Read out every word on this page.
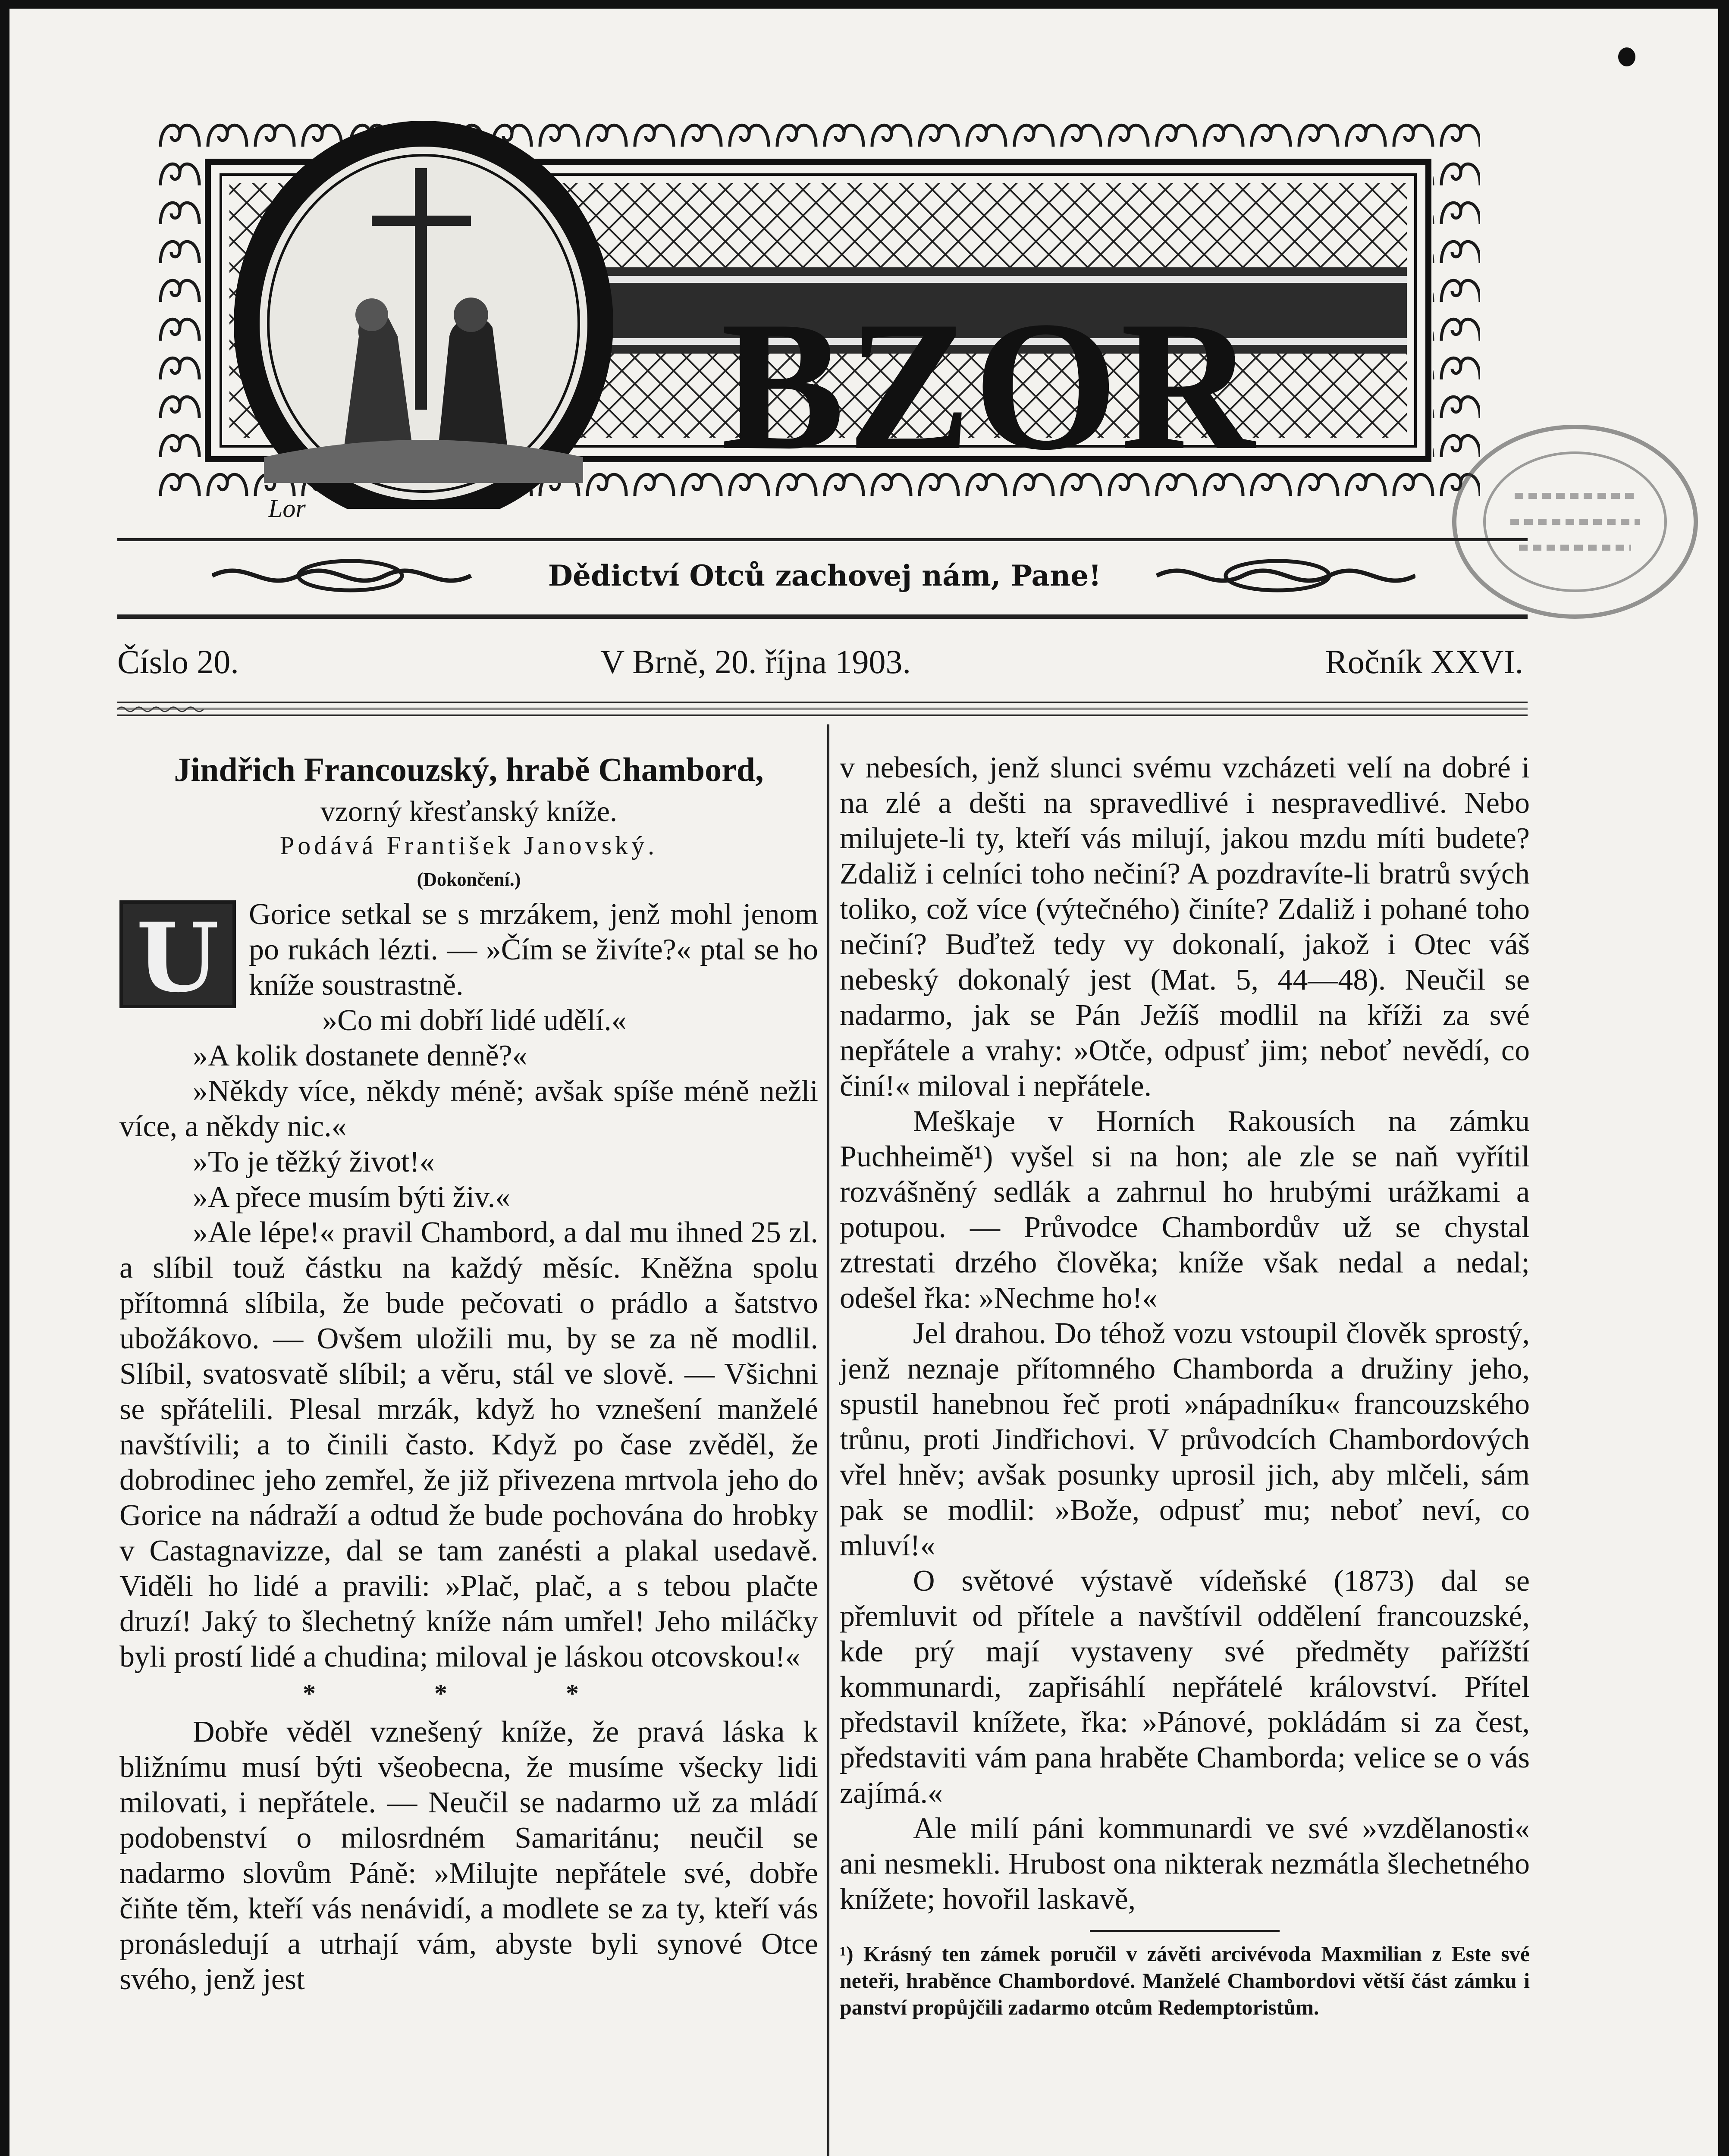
BZOR
Lor
Dědictví Otců zachovej nám, Pane!
Číslo 20.	V Brně, 20. října 1903.	Ročník XXVI.
Jindřich Francouzský, hrabě Chambord,
vzorný křesťanský kníže.
Podává František Janovský.
(Dokončení.)
U Gorice setkal se s mrzákem, jenž mohl jenom po rukách lézti. — »Čím se živíte?« ptal se ho kníže soustrastně.

»Co mi dobří lidé udělí.«

»A kolik dostanete denně?«

»Někdy více, někdy méně; avšak spíše méně nežli více, a někdy nic.«

»To je těžký život!«

»A přece musím býti živ.«

»Ale lépe!« pravil Chambord, a dal mu ihned 25 zl. a slíbil touž částku na každý měsíc. Kněžna spolu přítomná slíbila, že bude pečovati o prádlo a šatstvo ubožákovo. — Ovšem uložili mu, by se za ně modlil. Slíbil, svatosvatě slíbil; a věru, stál ve slově. — Všichni se spřátelili. Plesal mrzák, když ho vznešení manželé navštívili; a to činili často. Když po čase zvěděl, že dobrodinec jeho zemřel, že již přivezena mrtvola jeho do Gorice na nádraží a odtud že bude pochována do hrobky v Castagnavizze, dal se tam zanésti a plakal usedavě. Viděli ho lidé a pravili: »Plač, plač, a s tebou plačte druzí! Jaký to šlechetný kníže nám umřel! Jeho miláčky byli prostí lidé a chudina; miloval je láskou otcovskou!«

* * *

Dobře věděl vznešený kníže, že pravá láska k bližnímu musí býti všeobecna, že musíme všecky lidi milovati, i nepřátele. — Neučil se nadarmo už za mládí podobenství o milosrdném Samaritánu; neučil se nadarmo slovům Páně: »Milujte nepřátele své, dobře čiňte těm, kteří vás nenávidí, a modlete se za ty, kteří vás pronásledují a utrhají vám, abyste byli synové Otce svého, jenž jest

v nebesích, jenž slunci svému vzcházeti velí na dobré i na zlé a dešti na spravedlivé i nespravedlivé. Nebo milujete-li ty, kteří vás milují, jakou mzdu míti budete? Zdaliž i celníci toho nečiní? A pozdravíte-li bratrů svých toliko, což více (výtečného) činíte? Zdaliž i pohané toho nečiní? Buďtež tedy vy dokonalí, jakož i Otec váš nebeský dokonalý jest (Mat. 5, 44—48). Neučil se nadarmo, jak se Pán Ježíš modlil na kříži za své nepřátele a vrahy: »Otče, odpusť jim; neboť nevědí, co činí!« miloval i nepřátele.

Meškaje v Horních Rakousích na zámku Puchheimě¹) vyšel si na hon; ale zle se naň vyřítil rozvášněný sedlák a zahrnul ho hrubými urážkami a potupou. — Průvodce Chambordův už se chystal ztrestati drzého člověka; kníže však nedal a nedal; odešel řka: »Nechme ho!«

Jel drahou. Do téhož vozu vstoupil člověk sprostý, jenž neznaje přítomného Chamborda a družiny jeho, spustil hanebnou řeč proti »nápadníku« francouzského trůnu, proti Jindřichovi. V průvodcích Chambordových vřel hněv; avšak posunky uprosil jich, aby mlčeli, sám pak se modlil: »Bože, odpusť mu; neboť neví, co mluví!«

O světové výstavě vídeňské (1873) dal se přemluvit od přítele a navštívil oddělení francouzské, kde prý mají vystaveny své předměty pařížští kommunardi, zapřisáhlí nepřátelé království. Přítel představil knížete, řka: »Pánové, pokládám si za čest, představiti vám pana hraběte Chamborda; velice se o vás zajímá.«

Ale milí páni kommunardi ve své »vzdělanosti« ani nesmekli. Hrubost ona nikterak nezmátla šlechetného knížete; hovořil laskavě,

¹) Krásný ten zámek poručil v závěti arcivévoda Maxmilian z Este své neteři, hraběnce Chambordové. Manželé Chambordovi větší část zámku i panství propůjčili zadarmo otcům Redemptoristům.
